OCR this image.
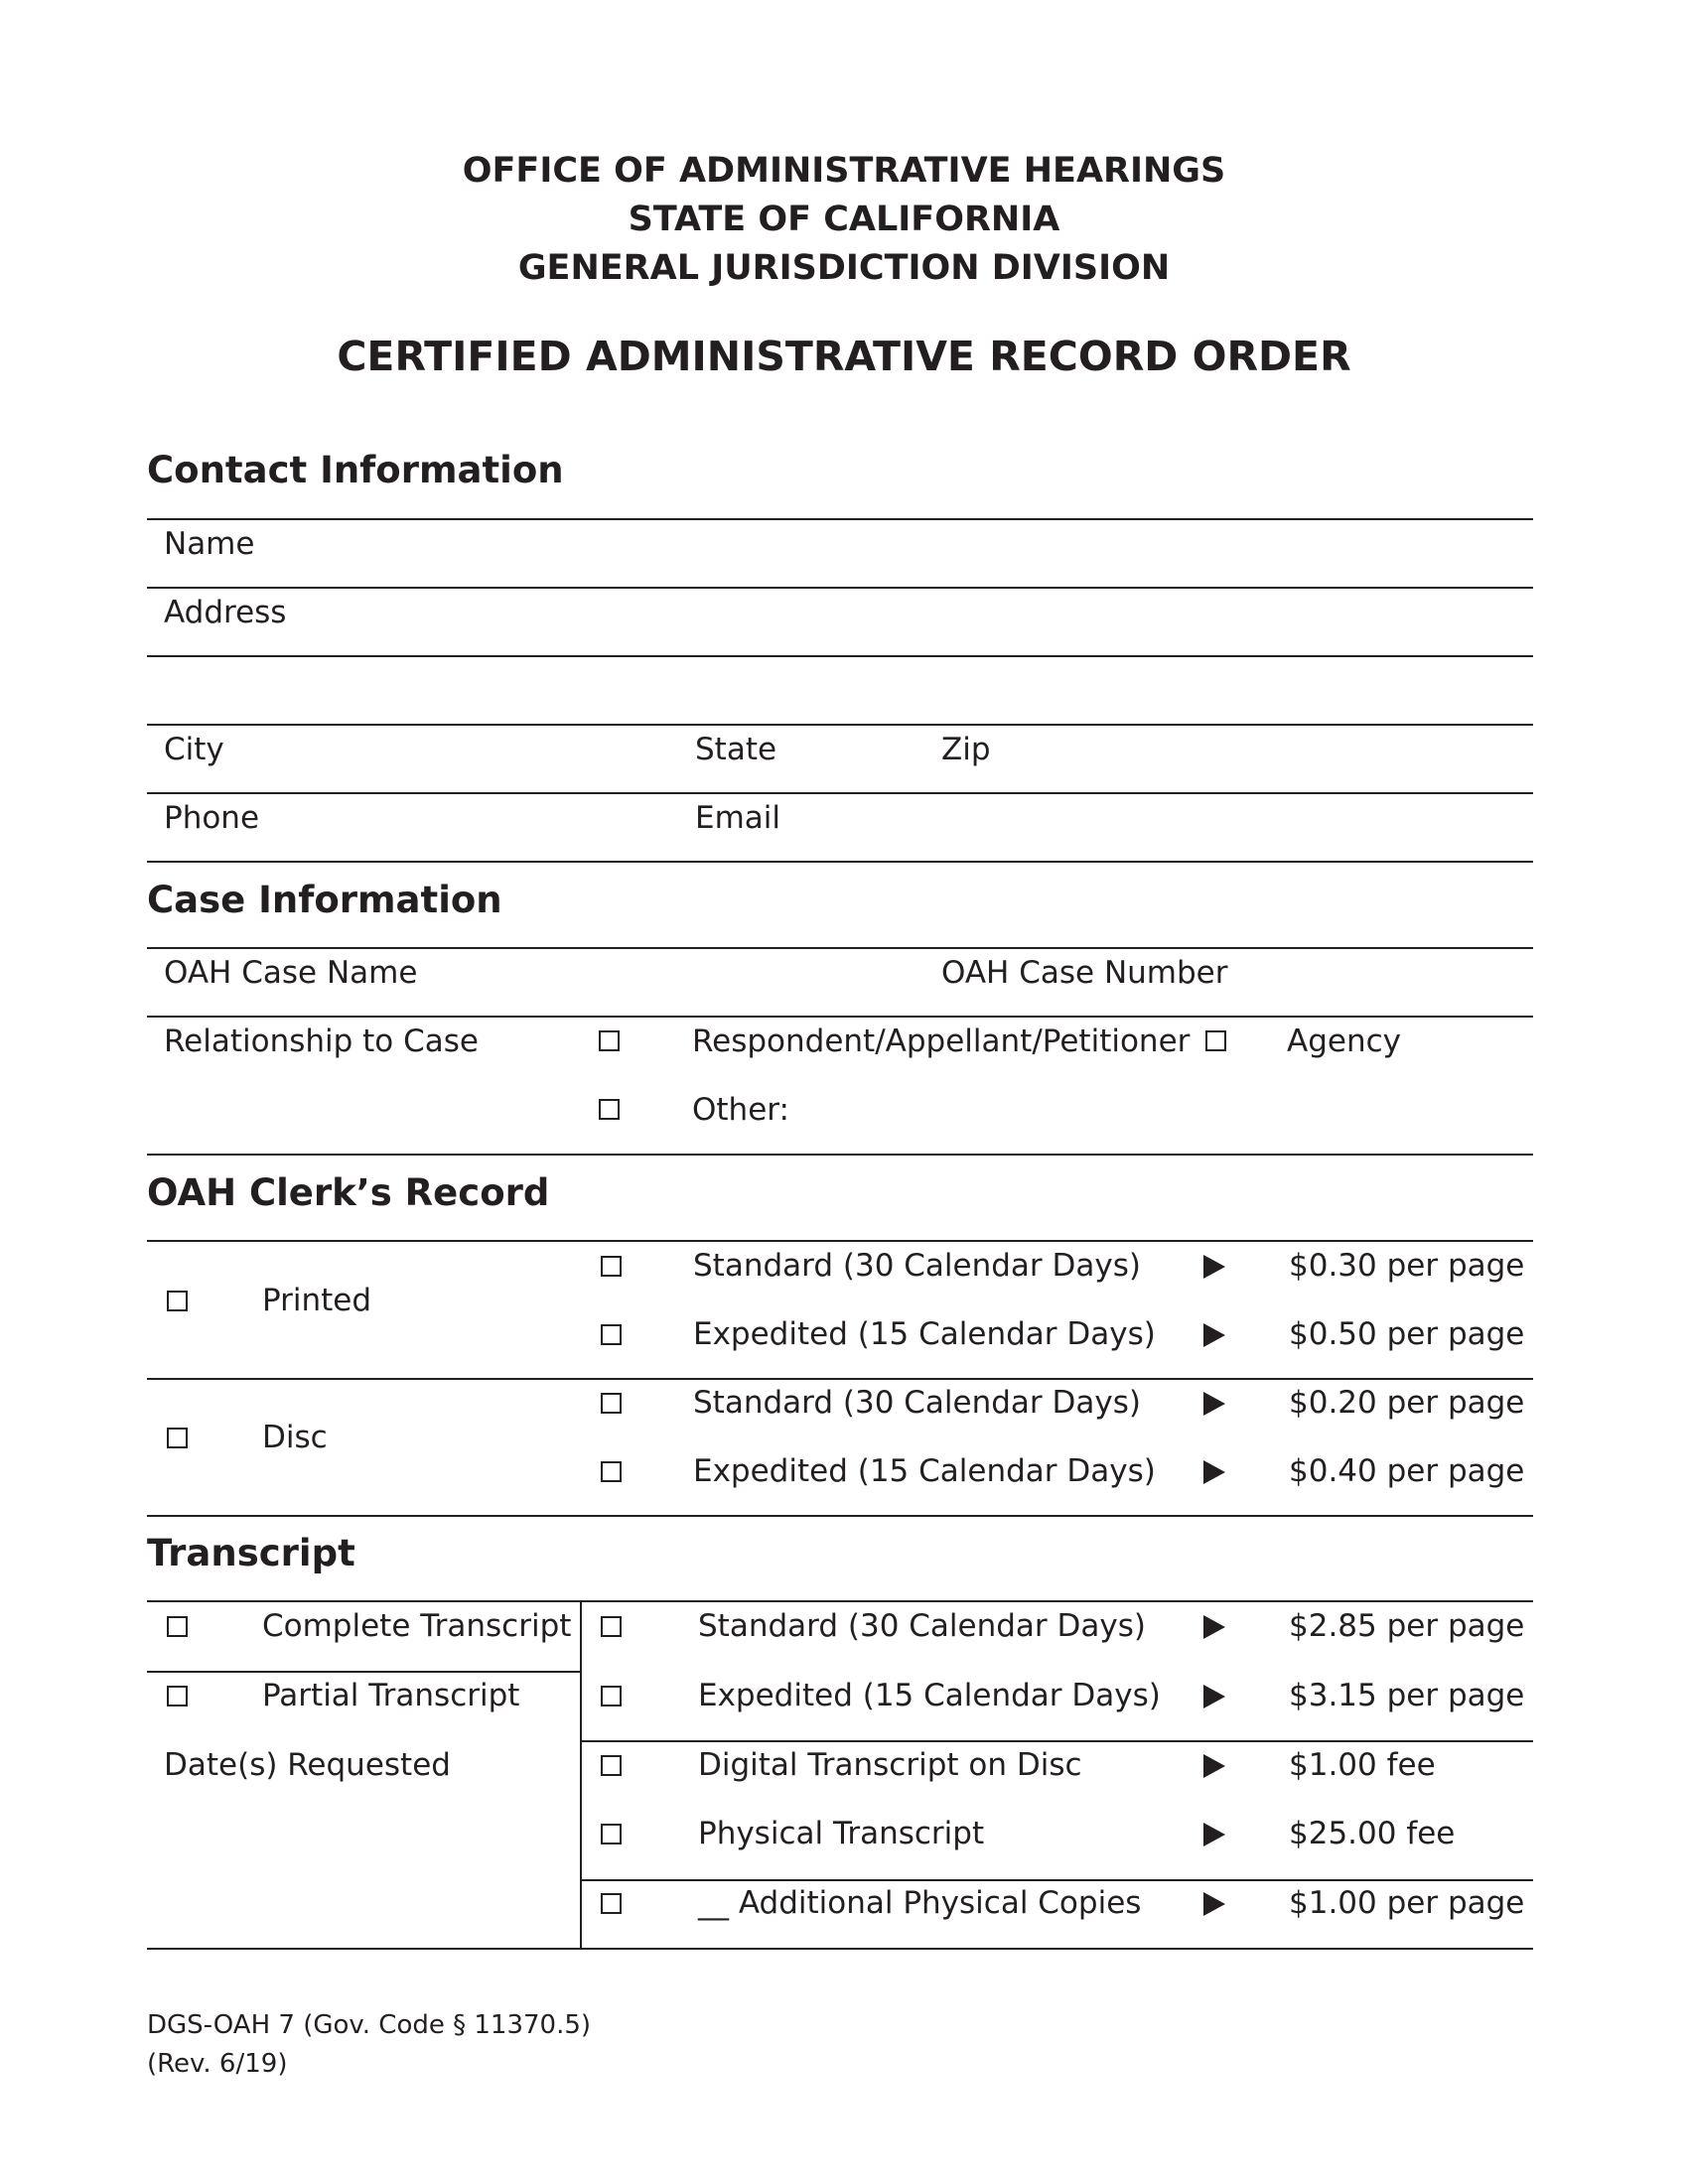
OFFICE OF ADMINISTRATIVE HEARINGS
STATE OF CALIFORNIA
GENERAL JURISDICTION DIVISION
CERTIFIED ADMINISTRATIVE RECORD ORDER
Contact Information
Name
Address
City	State	Zip
Phone	Email
Case Information
OAH Case Name	OAH Case Number
Relationship to Case	Respondent/Appellant/Petitioner	Agency
Other:
OAH Clerk’s Record
Printed
Standard (30 Calendar Days)	$0.30 per page
Expedited (15 Calendar Days)	$0.50 per page
Disc
Standard (30 Calendar Days)	$0.20 per page
Expedited (15 Calendar Days)	$0.40 per page
Transcript
Complete Transcript
Partial Transcript
Date(s) Requested
Standard (30 Calendar Days)	$2.85 per page
Expedited (15 Calendar Days)	$3.15 per page
Digital Transcript on Disc	$1.00 fee
Physical Transcript	$25.00 fee
__ Additional Physical Copies	$1.00 per page
DGS-OAH 7 (Gov. Code § 11370.5)
(Rev. 6/19)
